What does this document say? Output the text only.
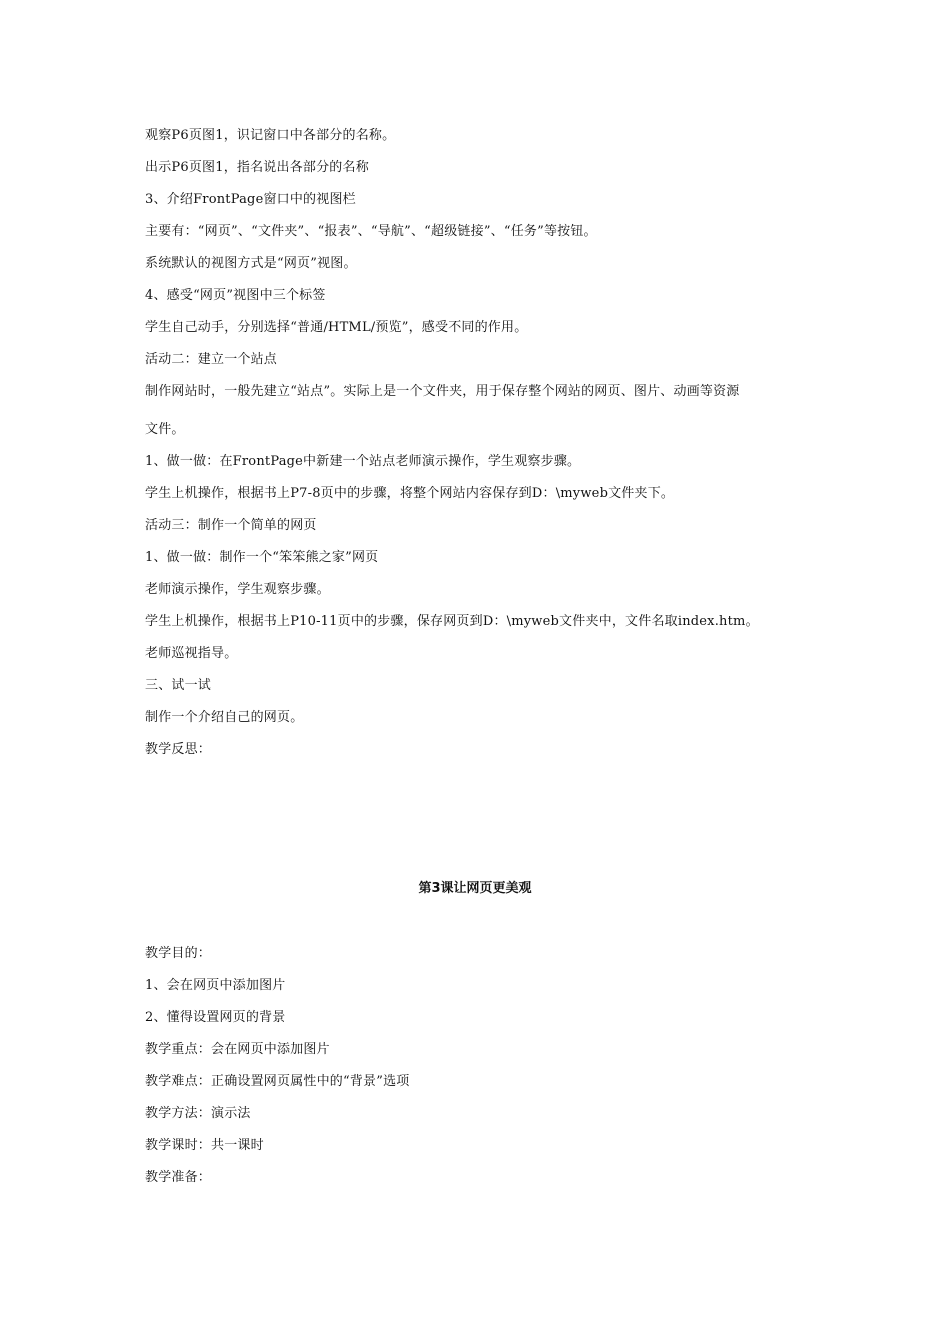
观察P6页图1，识记窗口中各部分的名称。
出示P6页图1，指名说出各部分的名称
3、介绍FrontPage窗口中的视图栏
主要有：“网页”、“文件夹”、“报表”、“导航”、“超级链接”、“任务”等按钮。
系统默认的视图方式是“网页”视图。
4、感受“网页”视图中三个标签
学生自己动手，分别选择“普通/HTML/预览”，感受不同的作用。
活动二：建立一个站点
制作网站时，一般先建立“站点”。实际上是一个文件夹，用于保存整个网站的网页、图片、动画等资源
文件。
1、做一做：在FrontPage中新建一个站点老师演示操作，学生观察步骤。
学生上机操作，根据书上P7-8页中的步骤，将整个网站内容保存到D：\myweb文件夹下。
活动三：制作一个简单的网页
1、做一做：制作一个“笨笨熊之家”网页
老师演示操作，学生观察步骤。
学生上机操作，根据书上P10-11页中的步骤，保存网页到D：\myweb文件夹中，文件名取index.htm。
老师巡视指导。
三、试一试
制作一个介绍自己的网页。
教学反思：
第3课让网页更美观
教学目的：
1、会在网页中添加图片
2、懂得设置网页的背景
教学重点：会在网页中添加图片
教学难点：正确设置网页属性中的“背景”选项
教学方法：演示法
教学课时：共一课时
教学准备：
